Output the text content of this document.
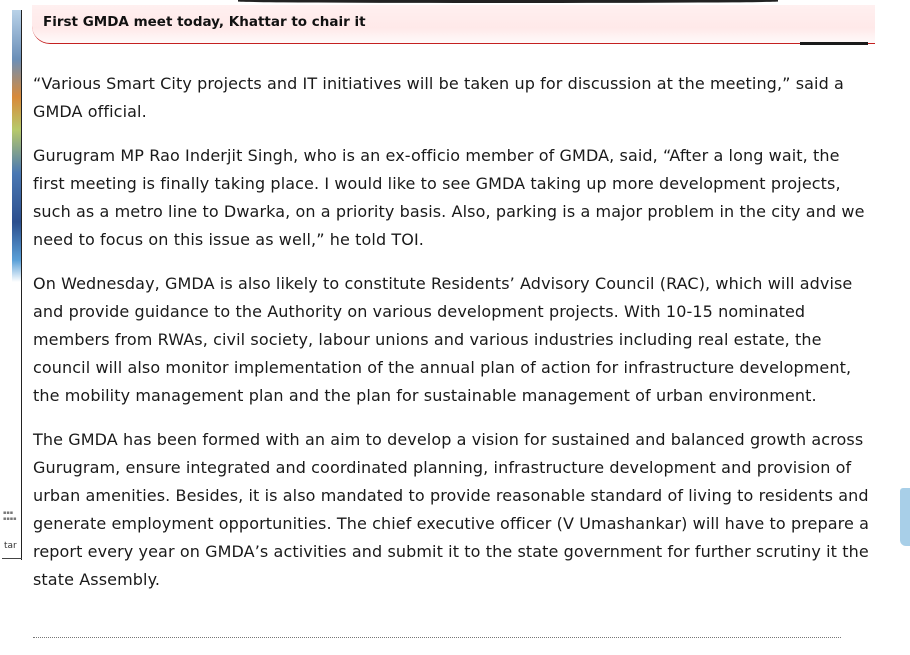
▪▪▪
▪▪▪▪
tar
First GMDA meet today, Khattar to chair it

“Various Smart City projects and IT initiatives will be taken up for discussion at the meeting,” said a GMDA official.

Gurugram MP Rao Inderjit Singh, who is an ex-officio member of GMDA, said, “After a long wait, the first meeting is finally taking place. I would like to see GMDA taking up more development projects, such as a metro line to Dwarka, on a priority basis. Also, parking is a major problem in the city and we need to focus on this issue as well,” he told TOI.

On Wednesday, GMDA is also likely to constitute Residents’ Advisory Council (RAC), which will advise and provide guidance to the Authority on various development projects. With 10-15 nominated members from RWAs, civil society, labour unions and various industries including real estate, the council will also monitor implementation of the annual plan of action for infrastructure development, the mobility management plan and the plan for sustainable management of urban environment.

The GMDA has been formed with an aim to develop a vision for sustained and balanced growth across Gurugram, ensure integrated and coordinated planning, infrastructure development and provision of urban amenities. Besides, it is also mandated to provide reasonable standard of living to residents and generate employment opportunities. The chief executive officer (V Umashankar) will have to prepare a report every year on GMDA’s activities and submit it to the state government for further scrutiny it the state Assembly.
